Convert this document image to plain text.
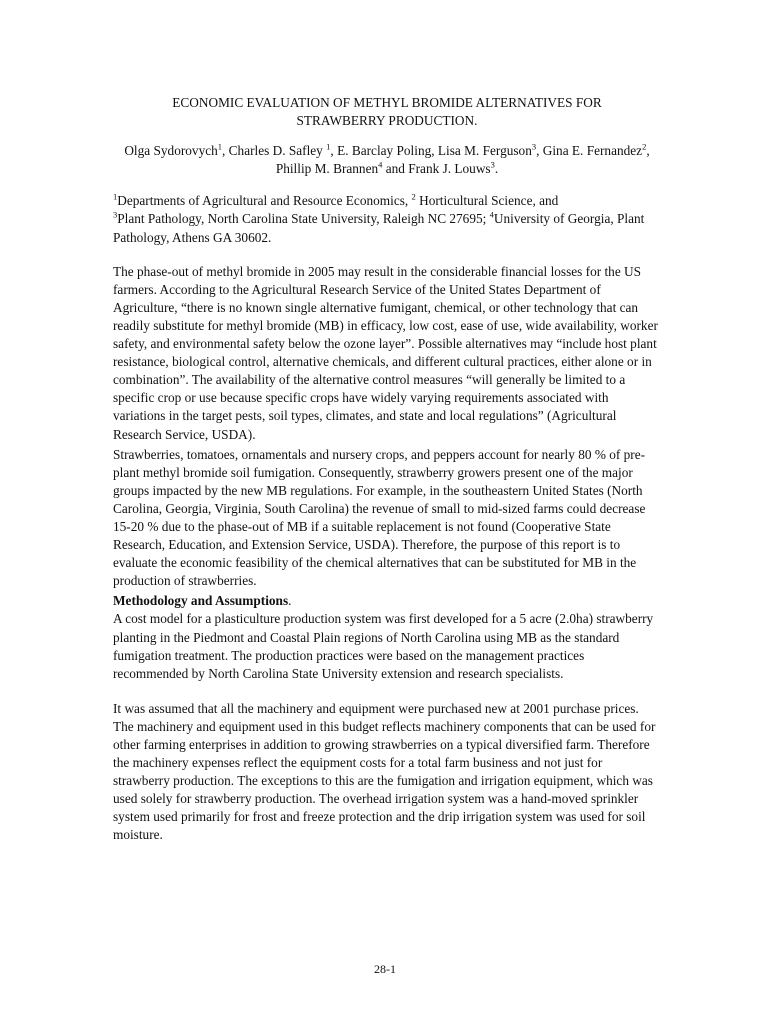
ECONOMIC EVALUATION OF METHYL BROMIDE ALTERNATIVES FOR
STRAWBERRY PRODUCTION.
Olga Sydorovych$^1$, Charles D. Safley $^1$, E. Barclay Poling, Lisa M. Ferguson$^3$, Gina E. Fernandez$^2$, Phillip M. Brannen$^4$ and Frank J. Louws$^3$.
$^1$Departments of Agricultural and Resource Economics, $^2$ Horticultural Science, and
$^3$Plant Pathology, North Carolina State University, Raleigh NC 27695; $^4$University of Georgia, Plant Pathology, Athens GA 30602.

The phase-out of methyl bromide in 2005 may result in the considerable financial losses for the US farmers. According to the Agricultural Research Service of the United States Department of Agriculture, “there is no known single alternative fumigant, chemical, or other technology that can readily substitute for methyl bromide (MB) in efficacy, low cost, ease of use, wide availability, worker safety, and environmental safety below the ozone layer”. Possible alternatives may “include host plant resistance, biological control, alternative chemicals, and different cultural practices, either alone or in combination”. The availability of the alternative control measures “will generally be limited to a specific crop or use because specific crops have widely varying requirements associated with variations in the target pests, soil types, climates, and state and local regulations” (Agricultural Research Service, USDA).

Strawberries, tomatoes, ornamentals and nursery crops, and peppers account for nearly 80 % of pre-plant methyl bromide soil fumigation. Consequently, strawberry growers present one of the major groups impacted by the new MB regulations. For example, in the southeastern United States (North Carolina, Georgia, Virginia, South Carolina) the revenue of small to mid-sized farms could decrease 15-20 % due to the phase-out of MB if a suitable replacement is not found (Cooperative State Research, Education, and Extension Service, USDA). Therefore, the purpose of this report is to evaluate the economic feasibility of the chemical alternatives that can be substituted for MB in the production of strawberries.

Methodology and Assumptions.

A cost model for a plasticulture production system was first developed for a 5 acre (2.0ha) strawberry planting in the Piedmont and Coastal Plain regions of North Carolina using MB as the standard fumigation treatment. The production practices were based on the management practices recommended by North Carolina State University extension and research specialists.

It was assumed that all the machinery and equipment were purchased new at 2001 purchase prices. The machinery and equipment used in this budget reflects machinery components that can be used for other farming enterprises in addition to growing strawberries on a typical diversified farm. Therefore the machinery expenses reflect the equipment costs for a total farm business and not just for strawberry production. The exceptions to this are the fumigation and irrigation equipment, which was used solely for strawberry production. The overhead irrigation system was a hand-moved sprinkler system used primarily for frost and freeze protection and the drip irrigation system was used for soil moisture.

28-1
